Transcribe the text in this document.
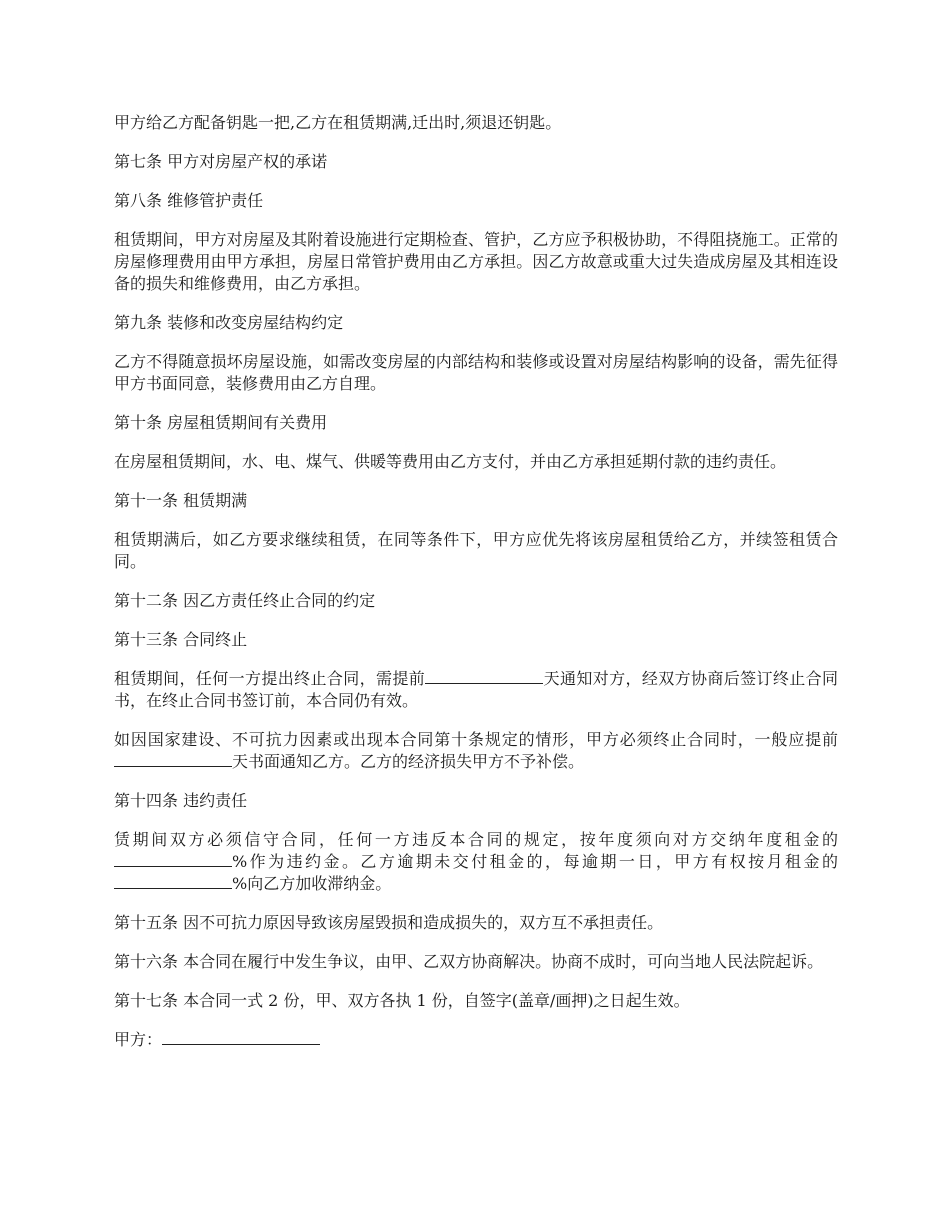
甲方给乙方配备钥匙一把,乙方在租赁期满,迁出时,须退还钥匙。

第七条 甲方对房屋产权的承诺

第八条 维修管护责任

租赁期间，甲方对房屋及其附着设施进行定期检查、管护，乙方应予积极协助，不得阻挠施工。正常的房屋修理费用由甲方承担，房屋日常管护费用由乙方承担。因乙方故意或重大过失造成房屋及其相连设备的损失和维修费用，由乙方承担。

第九条 装修和改变房屋结构约定

乙方不得随意损坏房屋设施，如需改变房屋的内部结构和装修或设置对房屋结构影响的设备，需先征得甲方书面同意，装修费用由乙方自理。

第十条 房屋租赁期间有关费用

在房屋租赁期间，水、电、煤气、供暖等费用由乙方支付，并由乙方承担延期付款的违约责任。

第十一条 租赁期满

租赁期满后，如乙方要求继续租赁，在同等条件下，甲方应优先将该房屋租赁给乙方，并续签租赁合同。

第十二条 因乙方责任终止合同的约定

第十三条 合同终止

租赁期间，任何一方提出终止合同，需提前	天通知对方，经双方协商后签订终止合同书，在终止合同书签订前，本合同仍有效。

如因国家建设、不可抗力因素或出现本合同第十条规定的情形，甲方必须终止合同时，一般应提前天书面通知乙方。乙方的经济损失甲方不予补偿。

第十四条 违约责任

赁期间双方必须信守合同，任何一方违反本合同的规定，按年度须向对方交纳年度租金的%作为违约金。乙方逾期未交付租金的，每逾期一日，甲方有权按月租金的%向乙方加收滞纳金。

第十五条 因不可抗力原因导致该房屋毁损和造成损失的，双方互不承担责任。

第十六条 本合同在履行中发生争议，由甲、乙双方协商解决。协商不成时，可向当地人民法院起诉。

第十七条 本合同一式 2 份，甲、双方各执 1 份，自签字(盖章/画押)之日起生效。

甲方：
